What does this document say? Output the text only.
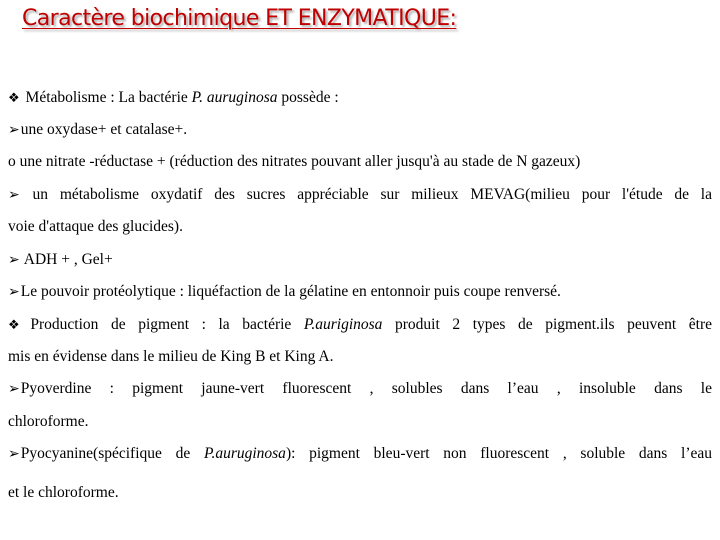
Caractère biochimique ET ENZYMATIQUE:
❖ Métabolisme : La bactérie P. auruginosa possède :
➢une oxydase+ et catalase+.
o une nitrate -réductase + (réduction des nitrates pouvant aller jusqu'à au stade de N gazeux)
➢ un métabolisme oxydatif des sucres appréciable sur milieux MEVAG(milieu pour l'étude de la
voie d'attaque des glucides).
➢ ADH + , Gel+
➢Le pouvoir protéolytique : liquéfaction de la gélatine en entonnoir puis coupe renversé.
❖ Production de pigment : la bactérie P.auriginosa produit 2 types de pigment.ils peuvent être
mis en évidense dans le milieu de King B et King A.
➢Pyoverdine : pigment jaune-vert fluorescent , solubles dans l’eau , insoluble dans le
chloroforme.
➢Pyocyanine(spécifique de P.auruginosa): pigment bleu-vert non fluorescent , soluble dans l’eau
et le chloroforme.
